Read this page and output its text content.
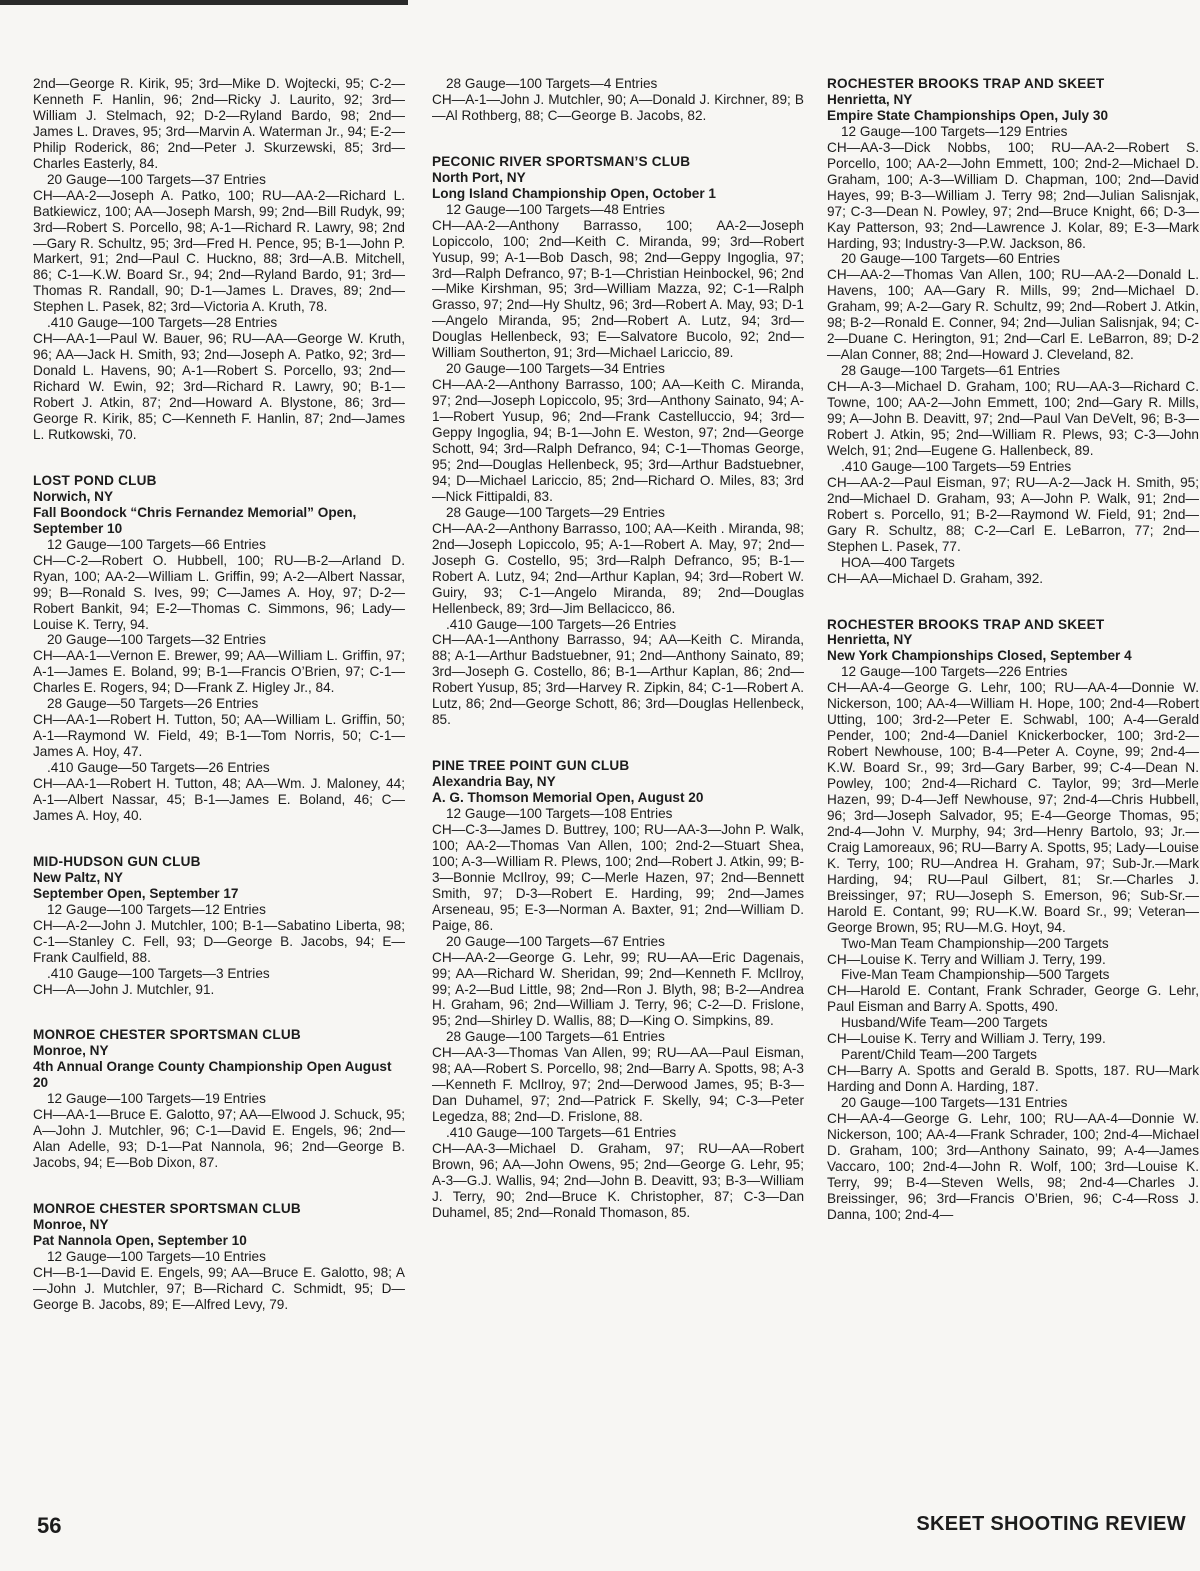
2nd—George R. Kirik, 95; 3rd—Mike D. Wojtecki, 95; C-2—Kenneth F. Hanlin, 96; 2nd—Ricky J. Laurito, 92; 3rd—William J. Stelmach, 92; D-2—Ryland Bardo, 98; 2nd—James L. Draves, 95; 3rd—Marvin A. Waterman Jr., 94; E-2—Philip Roderick, 86; 2nd—Peter J. Skurzewski, 85; 3rd—Charles Easterly, 84.
20 Gauge—100 Targets—37 Entries
CH—AA-2—Joseph A. Patko, 100; RU—AA-2—Richard L. Batkiewicz, 100; AA—Joseph Marsh, 99; 2nd—Bill Rudyk, 99; 3rd—Robert S. Porcello, 98; A-1—Richard R. Lawry, 98; 2nd—Gary R. Schultz, 95; 3rd—Fred H. Pence, 95; B-1—John P. Markert, 91; 2nd—Paul C. Huckno, 88; 3rd—A.B. Mitchell, 86; C-1—K.W. Board Sr., 94; 2nd—Ryland Bardo, 91; 3rd—Thomas R. Randall, 90; D-1—James L. Draves, 89; 2nd—Stephen L. Pasek, 82; 3rd—Victoria A. Kruth, 78.
.410 Gauge—100 Targets—28 Entries
CH—AA-1—Paul W. Bauer, 96; RU—AA—George W. Kruth, 96; AA—Jack H. Smith, 93; 2nd—Joseph A. Patko, 92; 3rd—Donald L. Havens, 90; A-1—Robert S. Porcello, 93; 2nd—Richard W. Ewin, 92; 3rd—Richard R. Lawry, 90; B-1—Robert J. Atkin, 87; 2nd—Howard A. Blystone, 86; 3rd—George R. Kirik, 85; C—Kenneth F. Hanlin, 87; 2nd—James L. Rutkowski, 70.
LOST POND CLUB
Norwich, NY
Fall Boondock “Chris Fernandez Memorial” Open, September 10
12 Gauge—100 Targets—66 Entries
CH—C-2—Robert O. Hubbell, 100; RU—B-2—Arland D. Ryan, 100; AA-2—William L. Griffin, 99; A-2—Albert Nassar, 99; B—Ronald S. Ives, 99; C—James A. Hoy, 97; D-2—Robert Bankit, 94; E-2—Thomas C. Simmons, 96; Lady—Louise K. Terry, 94.
20 Gauge—100 Targets—32 Entries
CH—AA-1—Vernon E. Brewer, 99; AA—William L. Griffin, 97; A-1—James E. Boland, 99; B-1—Francis O’Brien, 97; C-1—Charles E. Rogers, 94; D—Frank Z. Higley Jr., 84.
28 Gauge—50 Targets—26 Entries
CH—AA-1—Robert H. Tutton, 50; AA—William L. Griffin, 50; A-1—Raymond W. Field, 49; B-1—Tom Norris, 50; C-1—James A. Hoy, 47.
.410 Gauge—50 Targets—26 Entries
CH—AA-1—Robert H. Tutton, 48; AA—Wm. J. Maloney, 44; A-1—Albert Nassar, 45; B-1—James E. Boland, 46; C—James A. Hoy, 40.
MID-HUDSON GUN CLUB
New Paltz, NY
September Open, September 17
12 Gauge—100 Targets—12 Entries
CH—A-2—John J. Mutchler, 100; B-1—Sabatino Liberta, 98; C-1—Stanley C. Fell, 93; D—George B. Jacobs, 94; E—Frank Caulfield, 88.
.410 Gauge—100 Targets—3 Entries
CH—A—John J. Mutchler, 91.
MONROE CHESTER SPORTSMAN CLUB
Monroe, NY
4th Annual Orange County Championship Open August 20
12 Gauge—100 Targets—19 Entries
CH—AA-1—Bruce E. Galotto, 97; AA—Elwood J. Schuck, 95; A—John J. Mutchler, 96; C-1—David E. Engels, 96; 2nd—Alan Adelle, 93; D-1—Pat Nannola, 96; 2nd—George B. Jacobs, 94; E—Bob Dixon, 87.
MONROE CHESTER SPORTSMAN CLUB
Monroe, NY
Pat Nannola Open, September 10
12 Gauge—100 Targets—10 Entries
CH—B-1—David E. Engels, 99; AA—Bruce E. Galotto, 98; A—John J. Mutchler, 97; B—Richard C. Schmidt, 95; D—George B. Jacobs, 89; E—Alfred Levy, 79.
28 Gauge—100 Targets—4 Entries
CH—A-1—John J. Mutchler, 90; A—Donald J. Kirchner, 89; B—Al Rothberg, 88; C—George B. Jacobs, 82.
PECONIC RIVER SPORTSMAN’S CLUB
North Port, NY
Long Island Championship Open, October 1
12 Gauge—100 Targets—48 Entries
CH—AA-2—Anthony Barrasso, 100; AA-2—Joseph Lopiccolo, 100; 2nd—Keith C. Miranda, 99; 3rd—Robert Yusup, 99; A-1—Bob Dasch, 98; 2nd—Geppy Ingoglia, 97; 3rd—Ralph Defranco, 97; B-1—Christian Heinbockel, 96; 2nd—Mike Kirshman, 95; 3rd—William Mazza, 92; C-1—Ralph Grasso, 97; 2nd—Hy Shultz, 96; 3rd—Robert A. May, 93; D-1—Angelo Miranda, 95; 2nd—Robert A. Lutz, 94; 3rd—Douglas Hellenbeck, 93; E—Salvatore Bucolo, 92; 2nd—William Southerton, 91; 3rd—Michael Lariccio, 89.
20 Gauge—100 Targets—34 Entries
CH—AA-2—Anthony Barrasso, 100; AA—Keith C. Miranda, 97; 2nd—Joseph Lopiccolo, 95; 3rd—Anthony Sainato, 94; A-1—Robert Yusup, 96; 2nd—Frank Castelluccio, 94; 3rd—Geppy Ingoglia, 94; B-1—John E. Weston, 97; 2nd—George Schott, 94; 3rd—Ralph Defranco, 94; C-1—Thomas George, 95; 2nd—Douglas Hellenbeck, 95; 3rd—Arthur Badstuebner, 94; D—Michael Lariccio, 85; 2nd—Richard O. Miles, 83; 3rd—Nick Fittipaldi, 83.
28 Gauge—100 Targets—29 Entries
CH—AA-2—Anthony Barrasso, 100; AA—Keith . Miranda, 98; 2nd—Joseph Lopiccolo, 95; A-1—Robert A. May, 97; 2nd—Joseph G. Costello, 95; 3rd—Ralph Defranco, 95; B-1—Robert A. Lutz, 94; 2nd—Arthur Kaplan, 94; 3rd—Robert W. Guiry, 93; C-1—Angelo Miranda, 89; 2nd—Douglas Hellenbeck, 89; 3rd—Jim Bellacicco, 86.
.410 Gauge—100 Targets—26 Entries
CH—AA-1—Anthony Barrasso, 94; AA—Keith C. Miranda, 88; A-1—Arthur Badstuebner, 91; 2nd—Anthony Sainato, 89; 3rd—Joseph G. Costello, 86; B-1—Arthur Kaplan, 86; 2nd—Robert Yusup, 85; 3rd—Harvey R. Zipkin, 84; C-1—Robert A. Lutz, 86; 2nd—George Schott, 86; 3rd—Douglas Hellenbeck, 85.
PINE TREE POINT GUN CLUB
Alexandria Bay, NY
A. G. Thomson Memorial Open, August 20
12 Gauge—100 Targets—108 Entries
CH—C-3—James D. Buttrey, 100; RU—AA-3—John P. Walk, 100; AA-2—Thomas Van Allen, 100; 2nd-2—Stuart Shea, 100; A-3—William R. Plews, 100; 2nd—Robert J. Atkin, 99; B-3—Bonnie McIlroy, 99; C—Merle Hazen, 97; 2nd—Bennett Smith, 97; D-3—Robert E. Harding, 99; 2nd—James Arseneau, 95; E-3—Norman A. Baxter, 91; 2nd—William D. Paige, 86.
20 Gauge—100 Targets—67 Entries
CH—AA-2—George G. Lehr, 99; RU—AA—Eric Dagenais, 99; AA—Richard W. Sheridan, 99; 2nd—Kenneth F. McIlroy, 99; A-2—Bud Little, 98; 2nd—Ron J. Blyth, 98; B-2—Andrea H. Graham, 96; 2nd—William J. Terry, 96; C-2—D. Frislone, 95; 2nd—Shirley D. Wallis, 88; D—King O. Simpkins, 89.
28 Gauge—100 Targets—61 Entries
CH—AA-3—Thomas Van Allen, 99; RU—AA—Paul Eisman, 98; AA—Robert S. Porcello, 98; 2nd—Barry A. Spotts, 98; A-3—Kenneth F. McIlroy, 97; 2nd—Derwood James, 95; B-3—Dan Duhamel, 97; 2nd—Patrick F. Skelly, 94; C-3—Peter Legedza, 88; 2nd—D. Frislone, 88.
.410 Gauge—100 Targets—61 Entries
CH—AA-3—Michael D. Graham, 97; RU—AA—Robert Brown, 96; AA—John Owens, 95; 2nd—George G. Lehr, 95; A-3—G.J. Wallis, 94; 2nd—John B. Deavitt, 93; B-3—William J. Terry, 90; 2nd—Bruce K. Christopher, 87; C-3—Dan Duhamel, 85; 2nd—Ronald Thomason, 85.
ROCHESTER BROOKS TRAP AND SKEET
Henrietta, NY
Empire State Championships Open, July 30
12 Gauge—100 Targets—129 Entries
CH—AA-3—Dick Nobbs, 100; RU—AA-2—Robert S. Porcello, 100; AA-2—John Emmett, 100; 2nd-2—Michael D. Graham, 100; A-3—William D. Chapman, 100; 2nd—David Hayes, 99; B-3—William J. Terry 98; 2nd—Julian Salisnjak, 97; C-3—Dean N. Powley, 97; 2nd—Bruce Knight, 66; D-3—Kay Patterson, 93; 2nd—Lawrence J. Kolar, 89; E-3—Mark Harding, 93; Industry-3—P.W. Jackson, 86.
20 Gauge—100 Targets—60 Entries
CH—AA-2—Thomas Van Allen, 100; RU—AA-2—Donald L. Havens, 100; AA—Gary R. Mills, 99; 2nd—Michael D. Graham, 99; A-2—Gary R. Schultz, 99; 2nd—Robert J. Atkin, 98; B-2—Ronald E. Conner, 94; 2nd—Julian Salisnjak, 94; C-2—Duane C. Herington, 91; 2nd—Carl E. LeBarron, 89; D-2—Alan Conner, 88; 2nd—Howard J. Cleveland, 82.
28 Gauge—100 Targets—61 Entries
CH—A-3—Michael D. Graham, 100; RU—AA-3—Richard C. Towne, 100; AA-2—John Emmett, 100; 2nd—Gary R. Mills, 99; A—John B. Deavitt, 97; 2nd—Paul Van DeVelt, 96; B-3—Robert J. Atkin, 95; 2nd—William R. Plews, 93; C-3—John Welch, 91; 2nd—Eugene G. Hallenbeck, 89.
.410 Gauge—100 Targets—59 Entries
CH—AA-2—Paul Eisman, 97; RU—A-2—Jack H. Smith, 95; 2nd—Michael D. Graham, 93; A—John P. Walk, 91; 2nd—Robert s. Porcello, 91; B-2—Raymond W. Field, 91; 2nd—Gary R. Schultz, 88; C-2—Carl E. LeBarron, 77; 2nd—Stephen L. Pasek, 77.
HOA—400 Targets
CH—AA—Michael D. Graham, 392.
ROCHESTER BROOKS TRAP AND SKEET
Henrietta, NY
New York Championships Closed, September 4
12 Gauge—100 Targets—226 Entries
CH—AA-4—George G. Lehr, 100; RU—AA-4—Donnie W. Nickerson, 100; AA-4—William H. Hope, 100; 2nd-4—Robert Utting, 100; 3rd-2—Peter E. Schwabl, 100; A-4—Gerald Pender, 100; 2nd-4—Daniel Knickerbocker, 100; 3rd-2—Robert Newhouse, 100; B-4—Peter A. Coyne, 99; 2nd-4—K.W. Board Sr., 99; 3rd—Gary Barber, 99; C-4—Dean N. Powley, 100; 2nd-4—Richard C. Taylor, 99; 3rd—Merle Hazen, 99; D-4—Jeff Newhouse, 97; 2nd-4—Chris Hubbell, 96; 3rd—Joseph Salvador, 95; E-4—George Thomas, 95; 2nd-4—John V. Murphy, 94; 3rd—Henry Bartolo, 93; Jr.—Craig Lamoreaux, 96; RU—Barry A. Spotts, 95; Lady—Louise K. Terry, 100; RU—Andrea H. Graham, 97; Sub-Jr.—Mark Harding, 94; RU—Paul Gilbert, 81; Sr.—Charles J. Breissinger, 97; RU—Joseph S. Emerson, 96; Sub-Sr.—Harold E. Contant, 99; RU—K.W. Board Sr., 99; Veteran—George Brown, 95; RU—M.G. Hoyt, 94.
Two-Man Team Championship—200 Targets
CH—Louise K. Terry and William J. Terry, 199.
Five-Man Team Championship—500 Targets
CH—Harold E. Contant, Frank Schrader, George G. Lehr, Paul Eisman and Barry A. Spotts, 490.
Husband/Wife Team—200 Targets
CH—Louise K. Terry and William J. Terry, 199.
Parent/Child Team—200 Targets
CH—Barry A. Spotts and Gerald B. Spotts, 187. RU—Mark Harding and Donn A. Harding, 187.
20 Gauge—100 Targets—131 Entries
CH—AA-4—George G. Lehr, 100; RU—AA-4—Donnie W. Nickerson, 100; AA-4—Frank Schrader, 100; 2nd-4—Michael D. Graham, 100; 3rd—Anthony Sainato, 99; A-4—James Vaccaro, 100; 2nd-4—John R. Wolf, 100; 3rd—Louise K. Terry, 99; B-4—Steven Wells, 98; 2nd-4—Charles J. Breissinger, 96; 3rd—Francis O’Brien, 96; C-4—Ross J. Danna, 100; 2nd-4—
56	SKEET SHOOTING REVIEW
